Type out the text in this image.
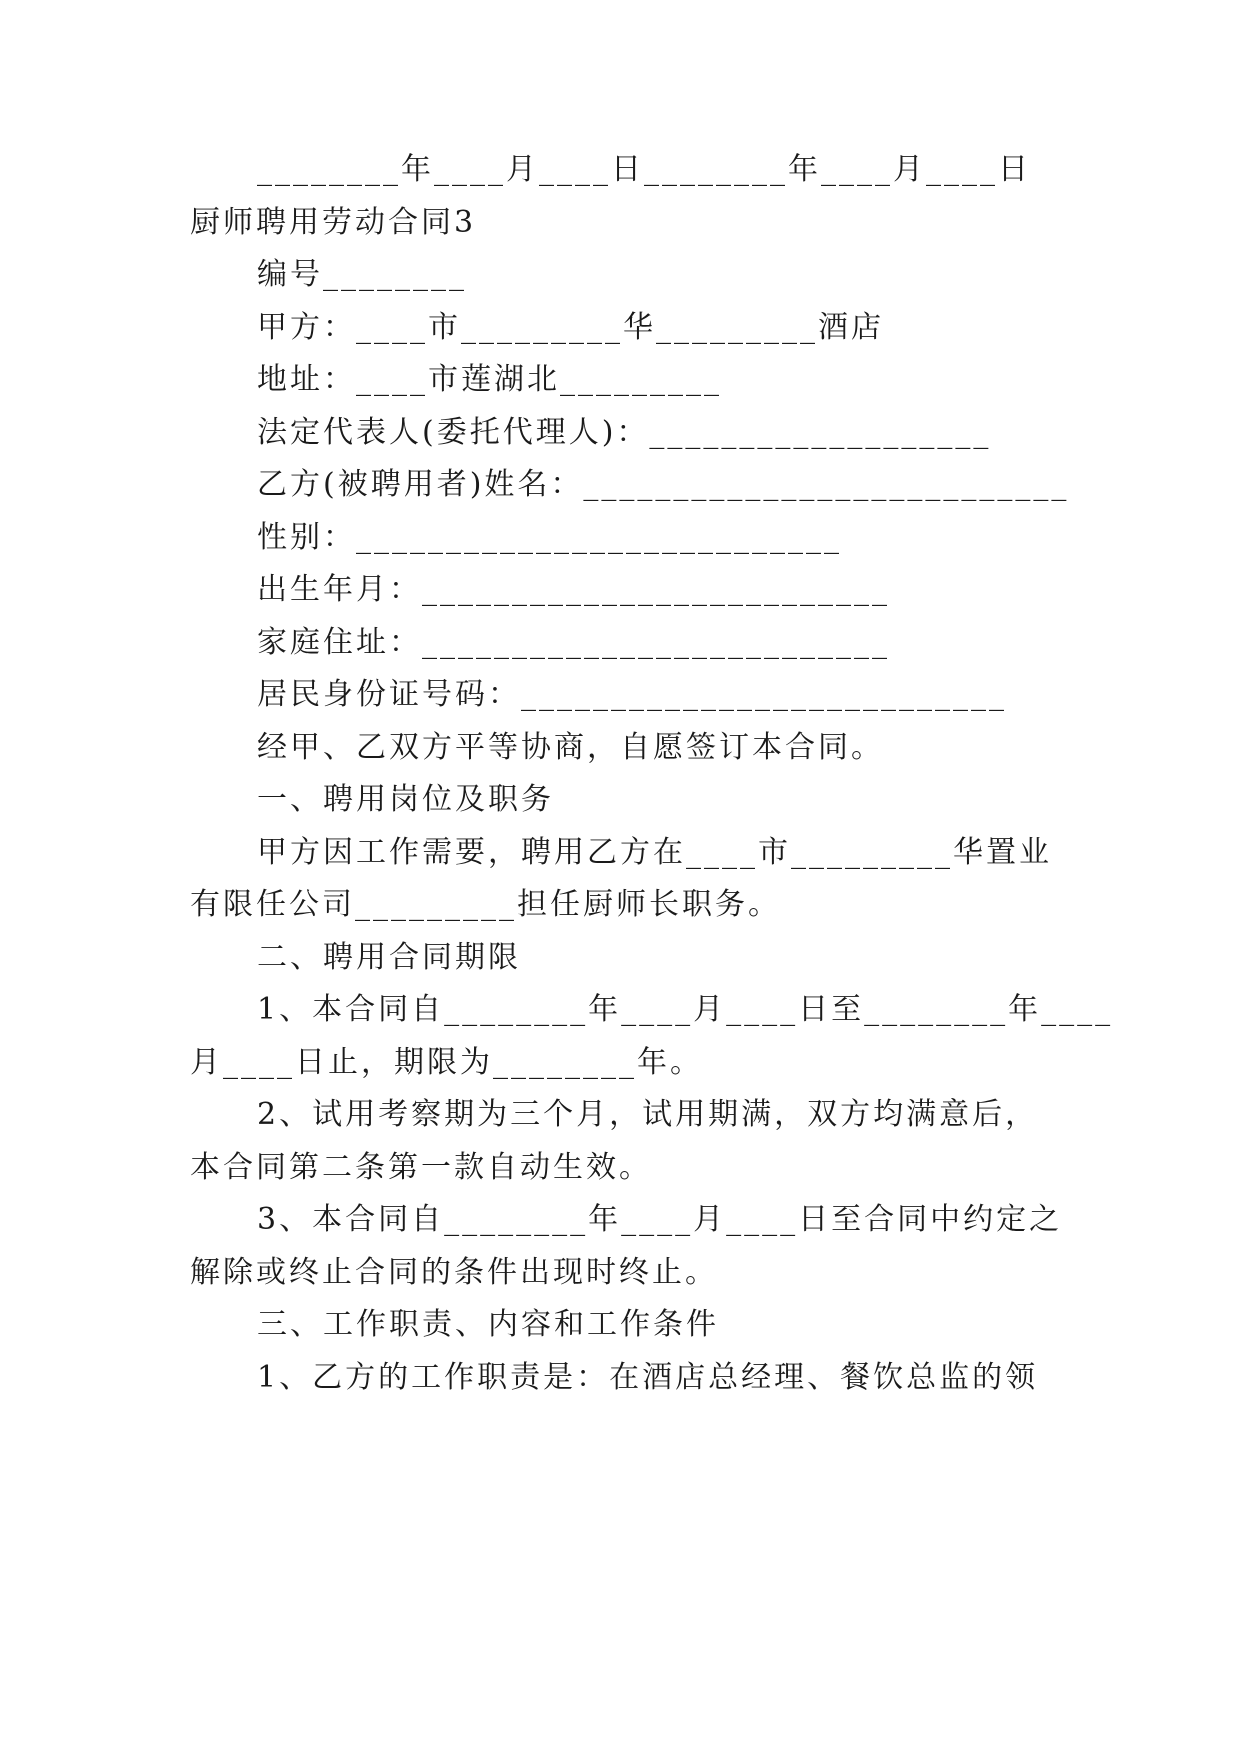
________年____月____日________年____月____日
厨师聘用劳动合同3
编号________
甲方：____市_________华_________酒店
地址：____市莲湖北_________
法定代表人(委托代理人)：___________________
乙方(被聘用者)姓名：___________________________
性别：___________________________
出生年月：__________________________
家庭住址：__________________________
居民身份证号码：___________________________
经甲、乙双方平等协商，自愿签订本合同。
一、聘用岗位及职务
甲方因工作需要，聘用乙方在____市_________华置业
有限任公司_________担任厨师长职务。
二、聘用合同期限
1、本合同自________年____月____日至________年____
月____日止，期限为________年。
2、试用考察期为三个月，试用期满，双方均满意后，
本合同第二条第一款自动生效。
3、本合同自________年____月____日至合同中约定之
解除或终止合同的条件出现时终止。
三、工作职责、内容和工作条件
1、乙方的工作职责是：在酒店总经理、餐饮总监的领
